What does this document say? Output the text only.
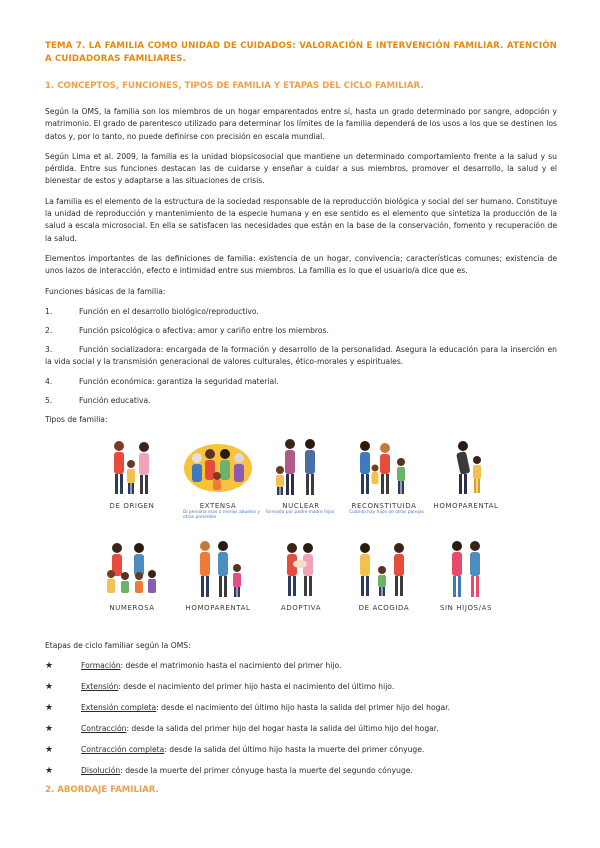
TEMA 7. LA FAMILIA COMO UNIDAD DE CUIDADOS: VALORACIÓN E INTERVENCIÓN FAMILIAR. ATENCIÓN A CUIDADORAS FAMILIARES.
1. CONCEPTOS, FUNCIONES, TIPOS DE FAMILIA Y ETAPAS DEL CICLO FAMILIAR.
Según la OMS, la familia son los miembros de un hogar emparentados entre sí, hasta un grado determinado por sangre, adopción y matrimonio. El grado de parentesco utilizado para determinar los límites de la familia dependerá de los usos a los que se destinen los datos y, por lo tanto, no puede definirse con precisión en escala mundial.
Según Lima et al. 2009, la familia es la unidad biopsicosocial que mantiene un determinado comportamiento frente a la salud y su pérdida. Entre sus funciones destacan las de cuidarse y enseñar a cuidar a sus miembros, promover el desarrollo, la salud y el bienestar de estos y adaptarse a las situaciones de crisis.
La familia es el elemento de la estructura de la sociedad responsable de la reproducción biológica y social del ser humano. Constituye la unidad de reproducción y mantenimiento de la especie humana y en ese sentido es el elemento que sintetiza la producción de la salud a escala microsocial. En ella se satisfacen las necesidades que están en la base de la conservación, fomento y recuperación de la salud.
Elementos importantes de las definiciones de familia: existencia de un hogar, convivencia; características comunes; existencia de unos lazos de interacción, efecto e intimidad entre sus miembros. La familia es lo que el usuario/a dice que es.
Funciones básicas de la familia:
1.	Función en el desarrollo biológico/reproductivo.
2.	Función psicológica o afectiva: amor y cariño entre los miembros.
3.	Función socializadora: encargada de la formación y desarrollo de la personalidad. Asegura la educación para la inserción en la vida social y la transmisión generacional de valores culturales, ético-morales y espirituales.
4.	Función económica: garantiza la seguridad material.
5.	Función educativa.
Tipos de familia:
DE ORIGEN	EXTENSA
Di persona más o menos abuelos y otros parientes
NUCLEAR
formada por padre madre hijos
RECONSTITUIDA
Cuando hay hijos de otras parejas
HOMOPARENTAL
NUMEROSA	HOMOPARENTAL	ADOPTIVA	DE ACOGIDA	SIN HIJOS/AS
Etapas de ciclo familiar según la OMS:
★	Formación: desde el matrimonio hasta el nacimiento del primer hijo.
★	Extensión: desde el nacimiento del primer hijo hasta el nacimiento del último hijo.
★	Extensión completa: desde el nacimiento del último hijo hasta la salida del primer hijo del hogar.
★	Contracción: desde la salida del primer hijo del hogar hasta la salida del último hijo del hogar.
★	Contracción completa: desde la salida del último hijo hasta la muerte del primer cónyuge.
★	Disolución: desde la muerte del primer cónyuge hasta la muerte del segundo cónyuge.
2. ABORDAJE FAMILIAR.
